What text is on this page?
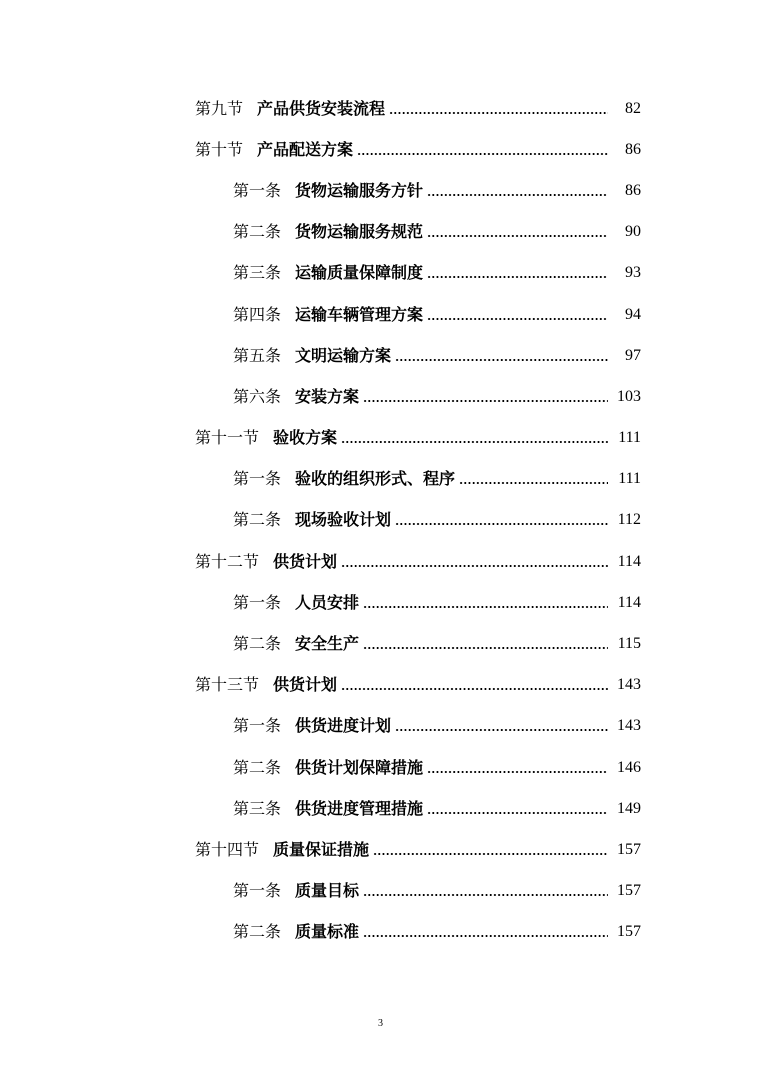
第九节 产品供货安装流程	82
第十节 产品配送方案	86
第一条 货物运输服务方针	86
第二条 货物运输服务规范	90
第三条 运输质量保障制度	93
第四条 运输车辆管理方案	94
第五条 文明运输方案	97
第六条 安装方案	103
第十一节 验收方案	111
第一条 验收的组织形式、程序	111
第二条 现场验收计划	112
第十二节 供货计划	114
第一条 人员安排	114
第二条 安全生产	115
第十三节 供货计划	143
第一条 供货进度计划	143
第二条 供货计划保障措施	146
第三条 供货进度管理措施	149
第十四节 质量保证措施	157
第一条 质量目标	157
第二条 质量标准	157
3
